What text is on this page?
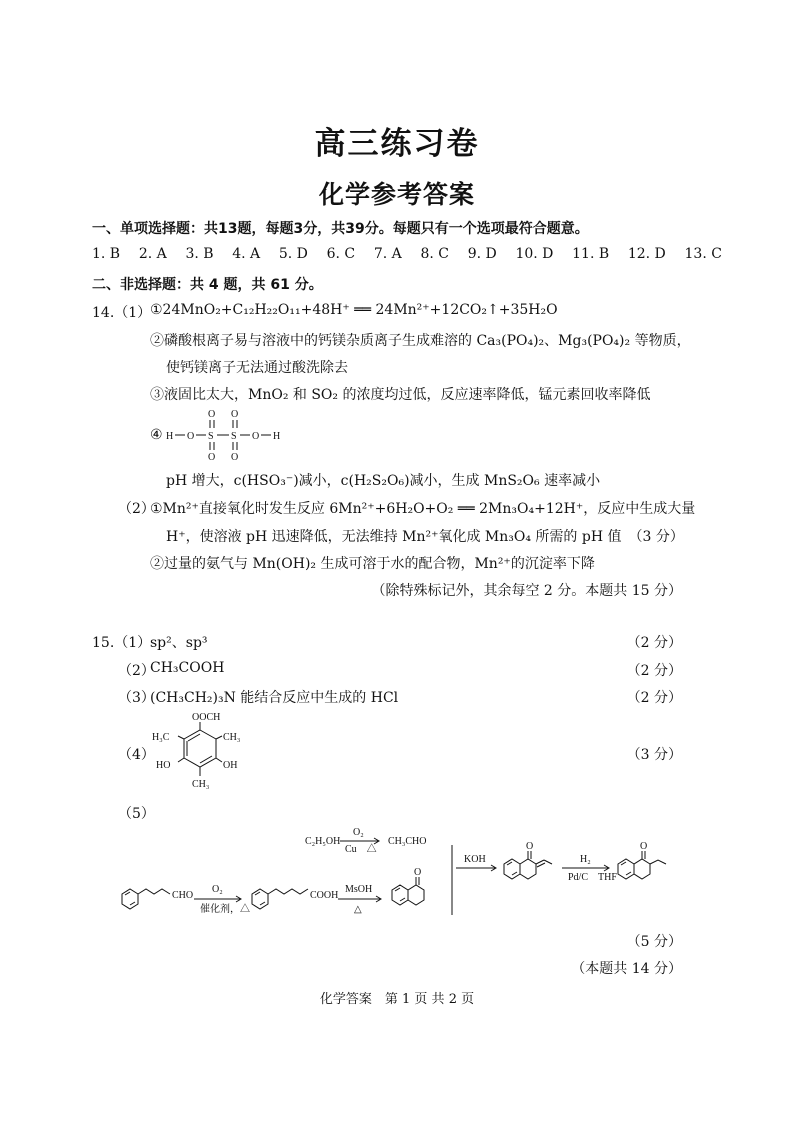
高三练习卷
化学参考答案
一、单项选择题：共13题，每题3分，共39分。每题只有一个选项最符合题意。
1. B 2. A 3. B 4. A 5. D 6. C 7. A 8. C 9. D 10. D 11. B 12. D 13. C
二、非选择题：共 4 题，共 61 分。
14.（1）
①24MnO₂+C₁₂H₂₂O₁₁+48H⁺ ══ 24Mn²⁺+12CO₂↑+35H₂O
②磷酸根离子易与溶液中的钙镁杂质离子生成难溶的 Ca₃(PO₄)₂、Mg₃(PO₄)₂ 等物质，
使钙镁离子无法通过酸洗除去
③液固比太大，MnO₂ 和 SO₂ 的浓度均过低，反应速率降低，锰元素回收率降低
④ H O S S O H
O O
O O
pH 增大，c(HSO₃⁻)减小，c(H₂S₂O₆)减小，生成 MnS₂O₆ 速率减小
（2）
①Mn²⁺直接氧化时发生反应 6Mn²⁺+6H₂O+O₂ ══ 2Mn₃O₄+12H⁺，反应中生成大量
H⁺，使溶液 pH 迅速降低，无法维持 Mn²⁺氧化成 Mn₃O₄ 所需的 pH 值　（3 分）
②过量的氨气与 Mn(OH)₂ 生成可溶于水的配合物，Mn²⁺的沉淀率下降
（除特殊标记外，其余每空 2 分。本题共 15 分）
15.（1）
sp²、sp³	（2 分）
（2）
CH₃COOH	（2 分）
（3）
(CH₃CH₂)₃N 能结合反应中生成的 HCl	（2 分）
（4）	（3 分）
OOCH
H₃C	CH₃
HO	OH
CH₃
（5）
C₂H₅OH
O₂
Cu　△
CH₃CHO
CHO
O₂
催化剂，△
COOH
MsOH
△
O
KOH
O
H₂
Pd/C　THF
O
（5 分）
（本题共 14 分）
化学答案　第 1 页 共 2 页
